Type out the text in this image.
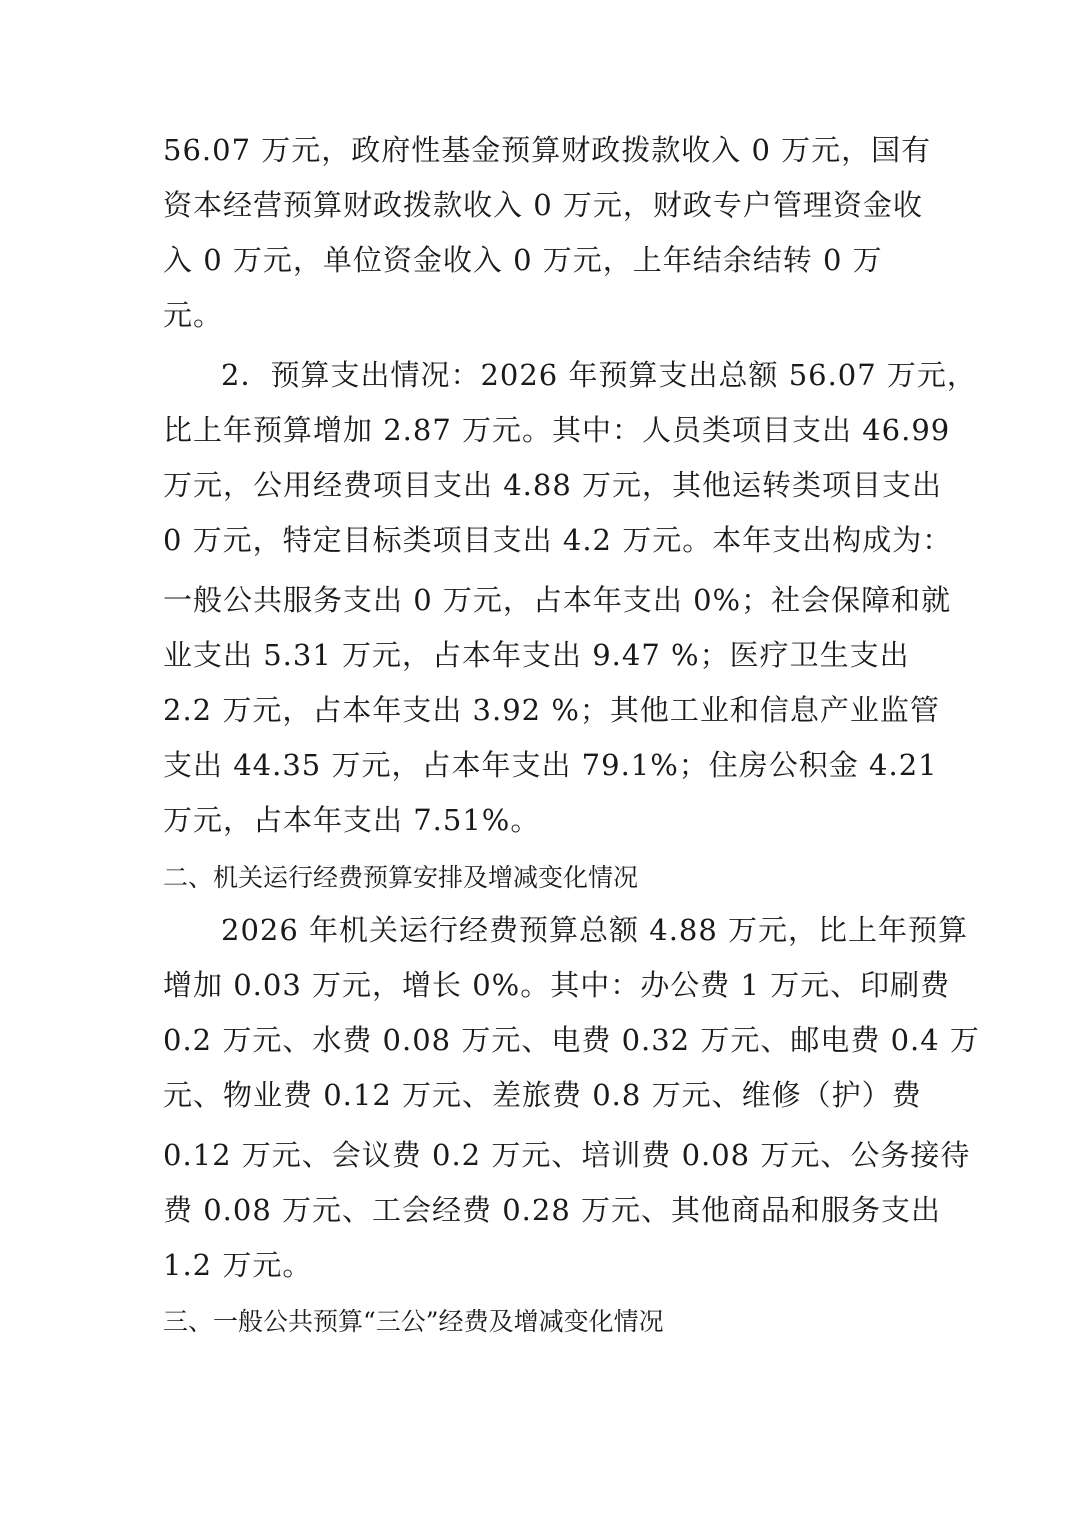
56.07 万元，政府性基金预算财政拨款收入 0 万元，国有
资本经营预算财政拨款收入 0 万元，财政专户管理资金收
入 0 万元，单位资金收入 0 万元，上年结余结转 0 万
元。
2．预算支出情况：2026 年预算支出总额 56.07 万元，
比上年预算增加 2.87 万元。其中：人员类项目支出 46.99
万元，公用经费项目支出 4.88 万元，其他运转类项目支出
0 万元，特定目标类项目支出 4.2 万元。本年支出构成为：
一般公共服务支出 0 万元，占本年支出 0%；社会保障和就
业支出 5.31 万元，占本年支出 9.47 %；医疗卫生支出
2.2 万元，占本年支出 3.92 %；其他工业和信息产业监管
支出 44.35 万元，占本年支出 79.1%；住房公积金 4.21
万元，占本年支出 7.51%。
二、机关运行经费预算安排及增减变化情况
2026 年机关运行经费预算总额 4.88 万元，比上年预算
增加 0.03 万元，增长 0%。其中：办公费 1 万元、印刷费
0.2 万元、水费 0.08 万元、电费 0.32 万元、邮电费 0.4 万
元、物业费 0.12 万元、差旅费 0.8 万元、维修（护）费
0.12 万元、会议费 0.2 万元、培训费 0.08 万元、公务接待
费 0.08 万元、工会经费 0.28 万元、其他商品和服务支出
1.2 万元。
三、一般公共预算“三公”经费及增减变化情况
